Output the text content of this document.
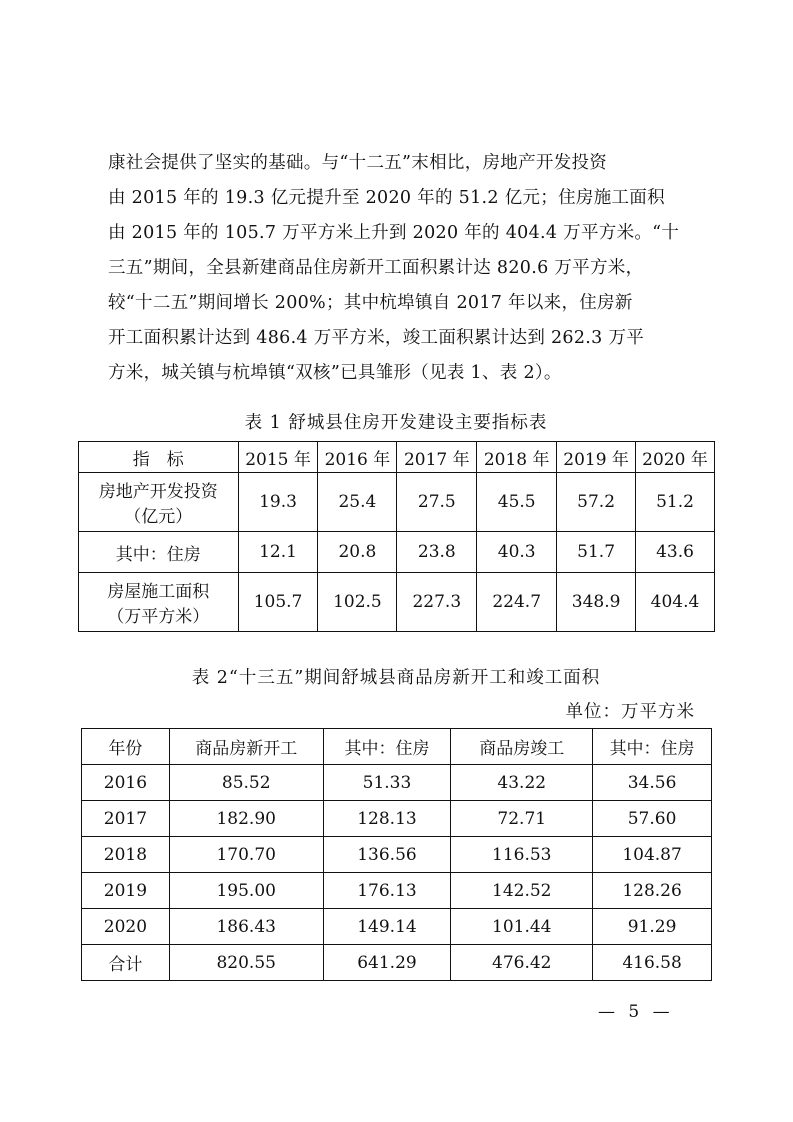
康社会提供了坚实的基础。与“十二五”末相比，房地产开发投资

由 2015 年的 19.3 亿元提升至 2020 年的 51.2 亿元；住房施工面积

由 2015 年的 105.7 万平方米上升到 2020 年的 404.4 万平方米。“十

三五”期间，全县新建商品住房新开工面积累计达 820.6 万平方米，

较“十二五”期间增长 200%；其中杭埠镇自 2017 年以来，住房新

开工面积累计达到 486.4 万平方米，竣工面积累计达到 262.3 万平

方米，城关镇与杭埠镇“双核”已具雏形（见表 1、表 2）。

表 1 舒城县住房开发建设主要指标表
指　标	2015 年	2016 年	2017 年	2018 年	2019 年	2020 年

房地产开发投资
（亿元）	19.3	25.4	27.5	45.5	57.2	51.2
其中：住房	12.1	20.8	23.8	40.3	51.7	43.6

房屋施工面积
（万平方米）	105.7	102.5	227.3	224.7	348.9	404.4
表 2“十三五”期间舒城县商品房新开工和竣工面积
单位：万平方米
年份	商品房新开工	其中：住房	商品房竣工	其中：住房
2016	85.52	51.33	43.22	34.56
2017	182.90	128.13	72.71	57.60
2018	170.70	136.56	116.53	104.87
2019	195.00	176.13	142.52	128.26
2020	186.43	149.14	101.44	91.29
合计	820.55	641.29	476.42	416.58
— 5 —
